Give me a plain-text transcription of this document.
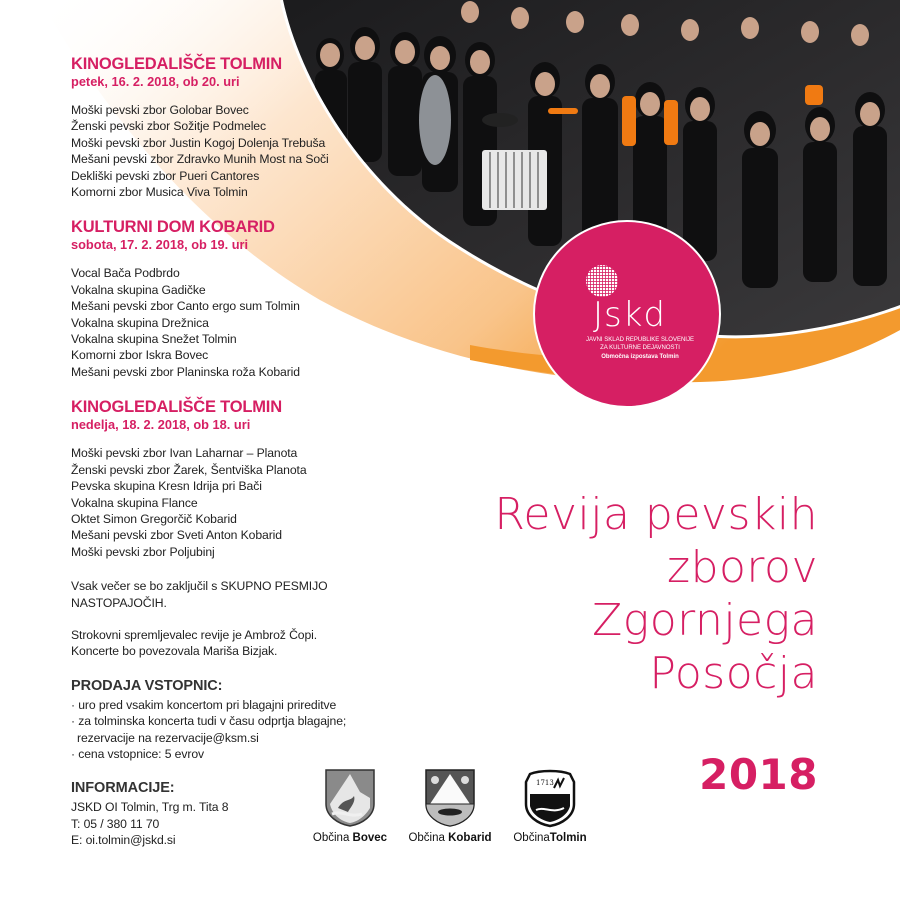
KINOGLEDALIŠČE TOLMIN
petek, 16. 2. 2018, ob 20. uri
Moški pevski zbor Golobar Bovec
Ženski pevski zbor Sožitje Podmelec
Moški pevski zbor Justin Kogoj Dolenja Trebuša
Mešani pevski zbor Zdravko Munih Most na Soči
Dekliški pevski zbor Pueri Cantores
Komorni zbor Musica Viva Tolmin
KULTURNI DOM KOBARID
sobota, 17. 2. 2018, ob 19. uri
Vocal Bača Podbrdo
Vokalna skupina Gadičke
Mešani pevski zbor Canto ergo sum Tolmin
Vokalna skupina Drežnica
Vokalna skupina Snežet Tolmin
Komorni zbor Iskra Bovec
Mešani pevski zbor Planinska roža Kobarid
KINOGLEDALIŠČE TOLMIN
nedelja, 18. 2. 2018, ob 18. uri
Moški pevski zbor Ivan Laharnar – Planota
Ženski pevski zbor Žarek, Šentviška Planota
Pevska skupina Kresn Idrija pri Bači
Vokalna skupina Flance
Oktet Simon Gregorčič Kobarid
Mešani pevski zbor Sveti Anton Kobarid
Moški pevski zbor Poljubinj
Vsak večer se bo zaključil s SKUPNO PESMIJO NASTOPAJOČIH.
Strokovni spremljevalec revije je Ambrož Čopi.
Koncerte bo povezovala Mariša Bizjak.
PRODAJA VSTOPNIC:
· uro pred vsakim koncertom pri blagajni prireditve
· za tolminska koncerta tudi v času odprtja blagajne;
rezervacije na rezervacije@ksm.si
· cena vstopnice: 5 evrov
INFORMACIJE:
JSKD OI Tolmin, Trg m. Tita 8
T: 05 / 380 11 70
E: oi.tolmin@jskd.si
Jskd
JAVNI SKLAD REPUBLIKE SLOVENIJE
ZA KULTURNE DEJAVNOSTI
Območna izpostava Tolmin
Revija pevskih
zborov
Zgornjega
Posočja
2018
Občina Bovec	Občina Kobarid
1713
ObčinaTolmin
